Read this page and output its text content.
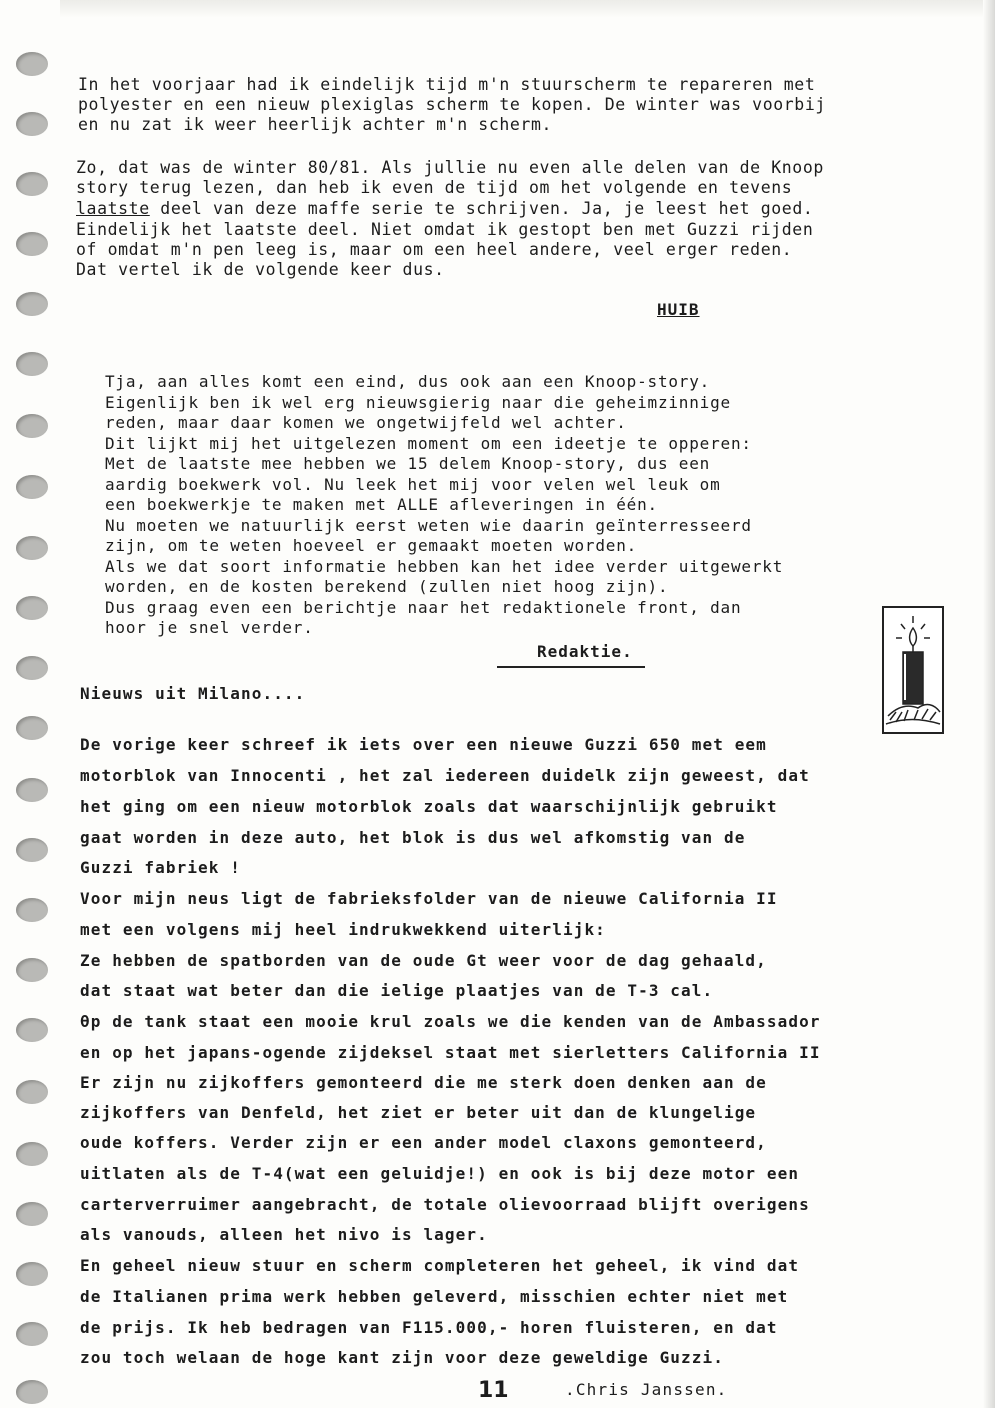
In het voorjaar had ik eindelijk tijd m'n stuurscherm te repareren met
polyester en een nieuw plexiglas scherm te kopen. De winter was voorbij
en nu zat ik weer heerlijk achter m'n scherm.
Zo, dat was de winter 80/81. Als jullie nu even alle delen van de Knoop
story terug lezen, dan heb ik even de tijd om het volgende en tevens
laatste deel van deze maffe serie te schrijven. Ja, je leest het goed.
Eindelijk het laatste deel. Niet omdat ik gestopt ben met Guzzi rijden
of omdat m'n pen leeg is, maar om een heel andere, veel erger reden.
Dat vertel ik de volgende keer dus.
HUIB
Tja, aan alles komt een eind, dus ook aan een Knoop-story.
Eigenlijk ben ik wel erg nieuwsgierig naar die geheimzinnige
reden, maar daar komen we ongetwijfeld wel achter.
Dit lijkt mij het uitgelezen moment om een ideetje te opperen:
Met de laatste mee hebben we 15 delem Knoop-story, dus een
aardig boekwerk vol. Nu leek het mij voor velen wel leuk om
een boekwerkje te maken met ALLE afleveringen in één.
Nu moeten we natuurlijk eerst weten wie daarin geïnterresseerd
zijn, om te weten hoeveel er gemaakt moeten worden.
Als we dat soort informatie hebben kan het idee verder uitgewerkt
worden, en de kosten berekend (zullen niet hoog zijn).
Dus graag even een berichtje naar het redaktionele front, dan
hoor je snel verder.
Redaktie.
Nieuws uit Milano....
De vorige keer schreef ik iets over een nieuwe Guzzi 650 met eem
motorblok van Innocenti , het zal iedereen duidelk zijn geweest, dat
het ging om een nieuw motorblok zoals dat waarschijnlijk gebruikt
gaat worden in deze auto, het blok is dus wel afkomstig van de
Guzzi fabriek !
Voor mijn neus ligt de fabrieksfolder van de nieuwe California II
met een volgens mij heel indrukwekkend uiterlijk:
Ze hebben de spatborden van de oude Gt weer voor de dag gehaald,
dat staat wat beter dan die ielige plaatjes van de T-3 cal.
θp de tank staat een mooie krul zoals we die kenden van de Ambassador
en op het japans-ogende zijdeksel staat met sierletters California II
Er zijn nu zijkoffers gemonteerd die me sterk doen denken aan de
zijkoffers van Denfeld, het ziet er beter uit dan de klungelige
oude koffers. Verder zijn er een ander model claxons gemonteerd,
uitlaten als de T-4(wat een geluidje!) en ook is bij deze motor een
carterverruimer aangebracht, de totale olievoorraad blijft overigens
als vanouds, alleen het nivo is lager.
En geheel nieuw stuur en scherm completeren het geheel, ik vind dat
de Italianen prima werk hebben geleverd, misschien echter niet met
de prijs. Ik heb bedragen van F115.000,- horen fluisteren, en dat
zou toch welaan de hoge kant zijn voor deze geweldige Guzzi.
11	.Chris Janssen.
